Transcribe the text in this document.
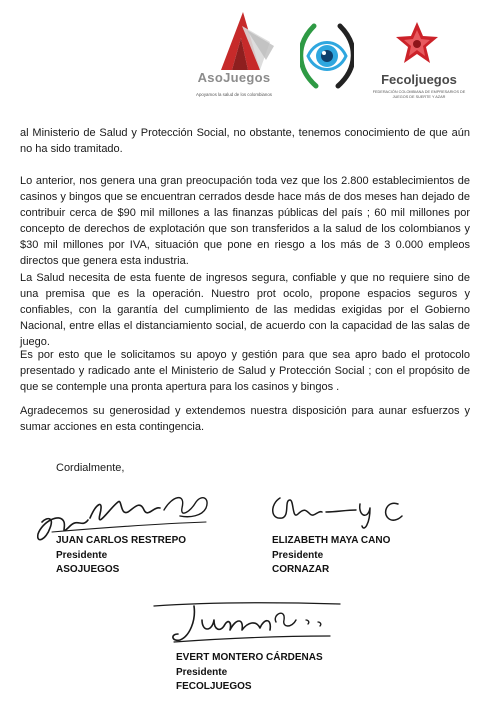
AsoJuegos
Apoyamos la salud de los colombianos
Fecoljuegos
FEDERACIÓN COLOMBIANA DE EMPRESARIOS DE JUEGOS DE SUERTE Y AZAR

al Ministerio de Salud y Protección Social, no obstante, tenemos conocimiento de que aún no ha sido tramitado.

Lo anterior, nos genera una gran preocupación toda vez que los 2.800 establecimientos de casinos y bingos que se encuentran cerrados desde hace más de dos meses han dejado de contribuir cerca de $90 mil millones a las finanzas públicas del país ; 60 mil millones por concepto de derechos de explotación que son transferidos a la salud de los colombianos y $30 mil millones por IVA, situación que pone en riesgo a los más de 3 0.000 empleos directos que genera esta industria.

La Salud necesita de esta fuente de ingresos segura, confiable y que no requiere sino de una premisa que es la operación. Nuestro prot ocolo, propone espacios seguros y confiables, con la garantía del cumplimiento de las medidas exigidas por el Gobierno Nacional, entre ellas el distanciamiento social, de acuerdo con la capacidad de las salas de juego.

Es por esto que le solicitamos su apoyo y gestión para que sea apro bado el protocolo presentado y radicado ante el Ministerio de Salud y Protección Social ; con el propósito de que se contemple una pronta apertura para los casinos y bingos .

Agradecemos su generosidad y extendemos nuestra disposición para aunar esfuerzos y sumar acciones en esta contingencia.

Cordialmente,
JUAN CARLOS RESTREPO
Presidente
ASOJUEGOS
ELIZABETH MAYA CANO
Presidente
CORNAZAR
EVERT MONTERO CÁRDENAS
Presidente
FECOLJUEGOS
